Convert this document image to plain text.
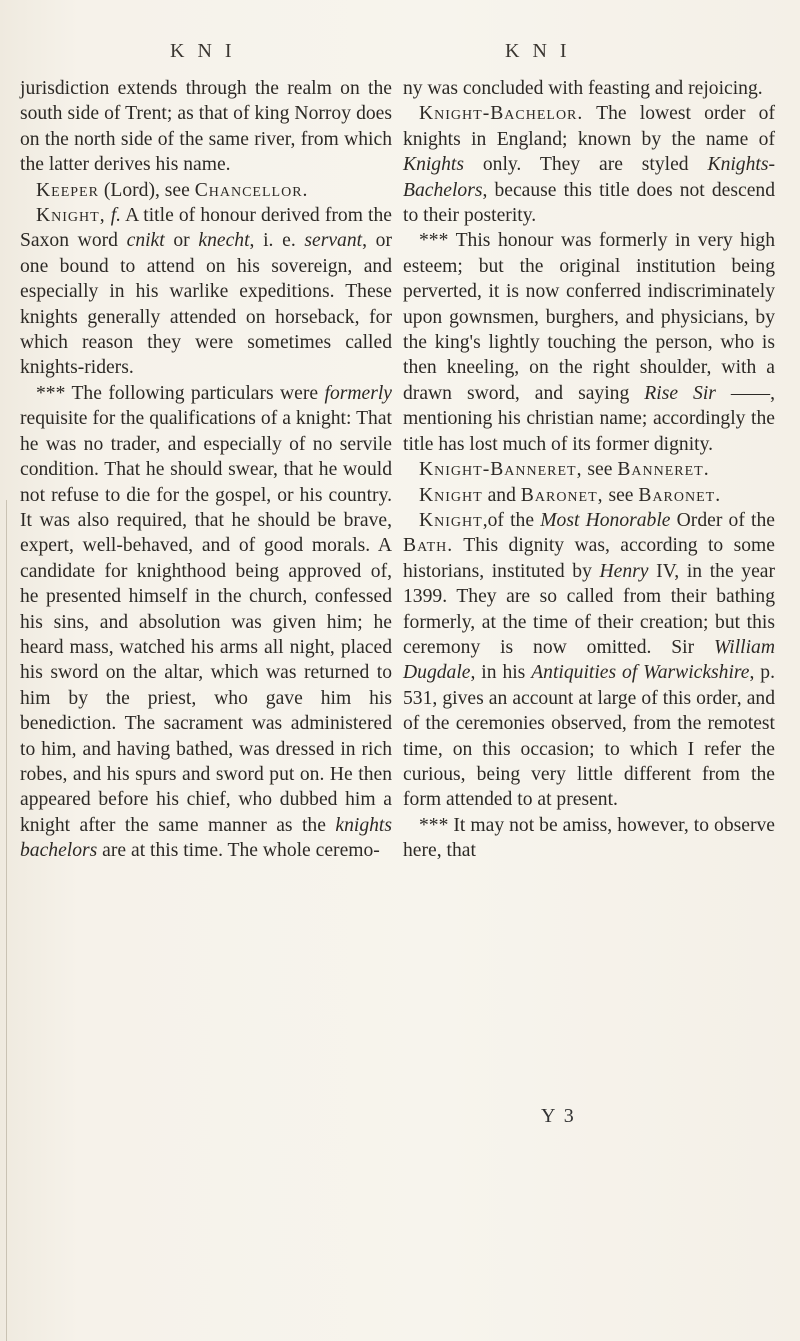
K N I	K N I

jurisdiction extends through the realm on the south side of Trent; as that of king Norroy does on the north side of the same river, from which the latter derives his name.

Keeper (Lord), see Chancellor.

Knight, f. A title of honour derived from the Saxon word cnikt or knecht, i. e. servant, or one bound to attend on his sovereign, and especially in his warlike expeditions. These knights generally attended on horseback, for which reason they were sometimes called knights-riders.

*** The following particulars were formerly requisite for the qualifications of a knight: That he was no trader, and especially of no servile condition. That he should swear, that he would not refuse to die for the gospel, or his country. It was also required, that he should be brave, expert, well-behaved, and of good morals. A candidate for knighthood being approved of, he presented himself in the church, confessed his sins, and absolution was given him; he heard mass, watched his arms all night, placed his sword on the altar, which was returned to him by the priest, who gave him his benediction. The sacrament was administered to him, and having bathed, was dressed in rich robes, and his spurs and sword put on. He then appeared before his chief, who dubbed him a knight after the same manner as the knights bachelors are at this time. The whole ceremo-

ny was concluded with feasting and rejoicing.

Knight-Bachelor. The lowest order of knights in England; known by the name of Knights only. They are styled Knights-Bachelors, because this title does not descend to their posterity.

*** This honour was formerly in very high esteem; but the original institution being perverted, it is now conferred indiscriminately upon gownsmen, burghers, and physicians, by the king's lightly touching the person, who is then kneeling, on the right shoulder, with a drawn sword, and saying Rise Sir ——, mentioning his christian name; accordingly the title has lost much of its former dignity.

Knight-Banneret, see Banneret.

Knight and Baronet, see Baronet.

Knight,of the Most Honorable Order of the Bath. This dignity was, according to some historians, instituted by Henry IV, in the year 1399. They are so called from their bathing formerly, at the time of their creation; but this ceremony is now omitted. Sir William Dugdale, in his Antiquities of Warwickshire, p. 531, gives an account at large of this order, and of the ceremonies observed, from the remotest time, on this occasion; to which I refer the curious, being very little different from the form attended to at present.

*** It may not be amiss, however, to observe here, that

Y 3
